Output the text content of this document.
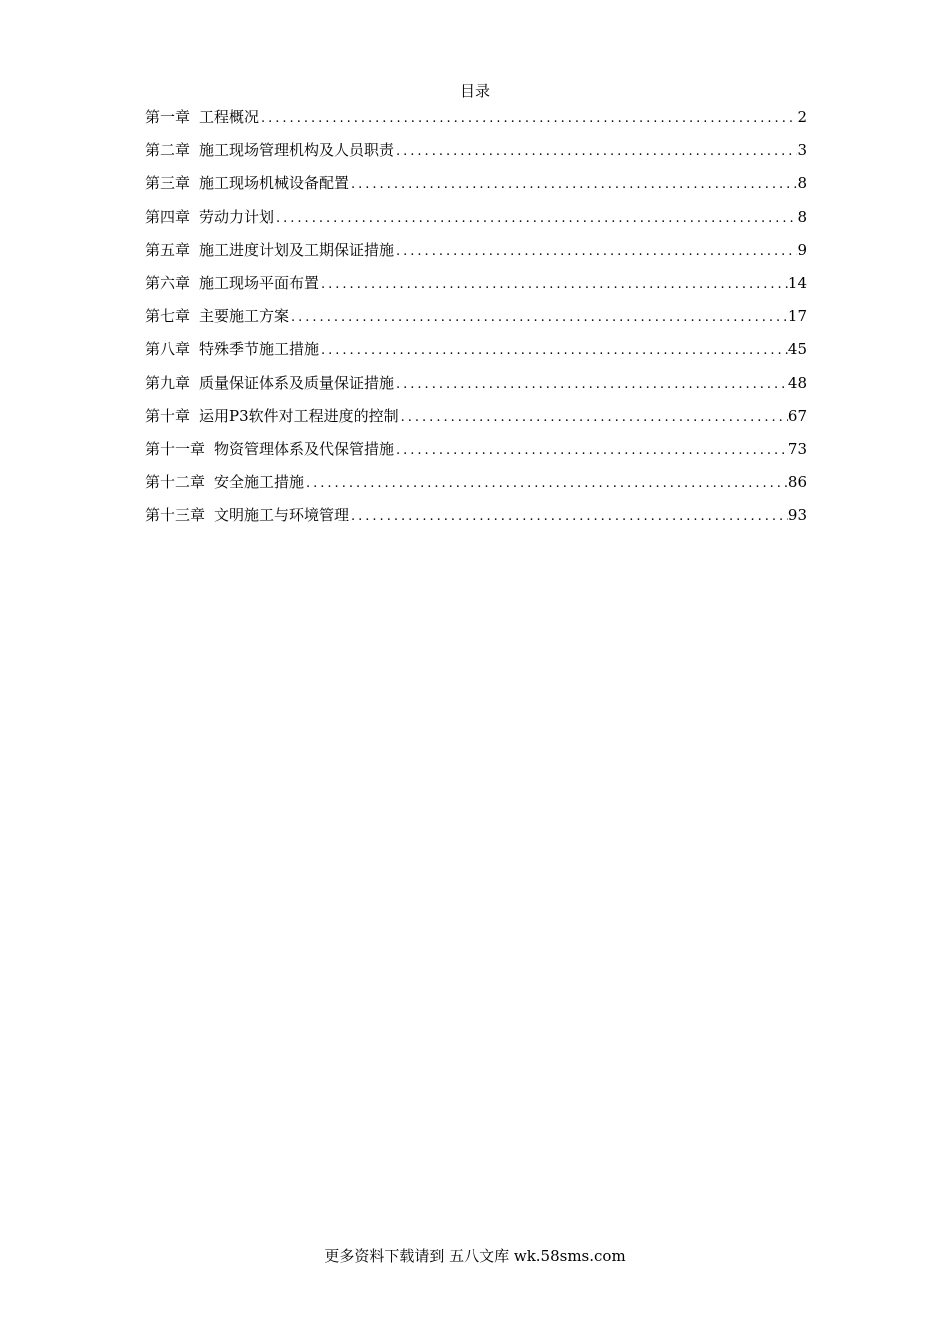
目录
第一章 工程概况 .....	2
第二章 施工现场管理机构及人员职责 .....	3
第三章 施工现场机械设备配置 .....	8
第四章 劳动力计划 .....	8
第五章 施工进度计划及工期保证措施 .....	9
第六章 施工现场平面布置 .....	14
第七章 主要施工方案 .....	17
第八章 特殊季节施工措施 .....	45
第九章 质量保证体系及质量保证措施 .....	48
第十章 运用P3软件对工程进度的控制 .....	67
第十一章 物资管理体系及代保管措施 .....	73
第十二章 安全施工措施 .....	86
第十三章 文明施工与环境管理 .....	93
更多资料下载请到 五八文库 wk.58sms.com
